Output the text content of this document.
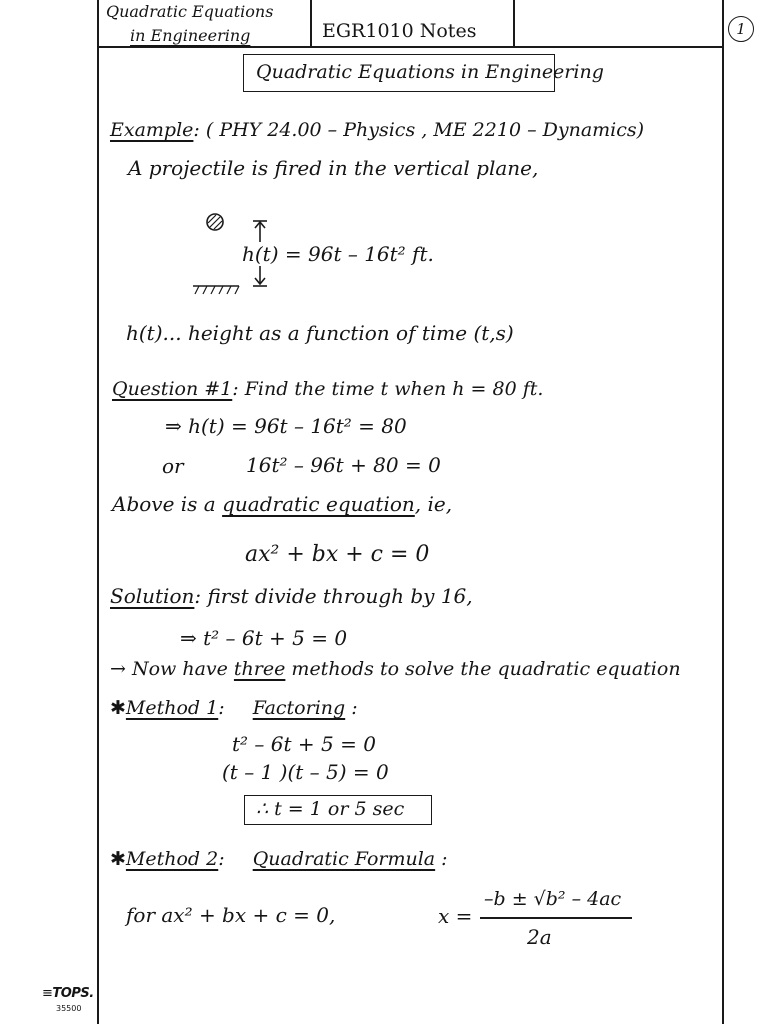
Quadratic Equations
in Engineering	EGR1010 Notes	1
Quadratic Equations in Engineering
Example: ( PHY 24.00 – Physics , ME 2210 – Dynamics)
A projectile is fired in the vertical plane,
h(t) = 96t – 16t² ft.
h(t)... height as a function of time (t,s)
Question #1: Find the time t when h = 80 ft.
⇒ h(t) = 96t – 16t² = 80
or	16t² – 96t + 80 = 0
Above is a quadratic equation, ie,
ax² + bx + c = 0
Solution: first divide through by 16,
⇒ t² – 6t + 5 = 0
→ Now have three methods to solve the quadratic equation
✱Method 1: Factoring :
t² – 6t + 5 = 0
(t – 1 )(t – 5) = 0
∴ t = 1 or 5 sec
✱Method 2: Quadratic Formula :
for ax² + bx + c = 0,	x =
–b ± √b² – 4ac
2a
≡TOPS.
35500
